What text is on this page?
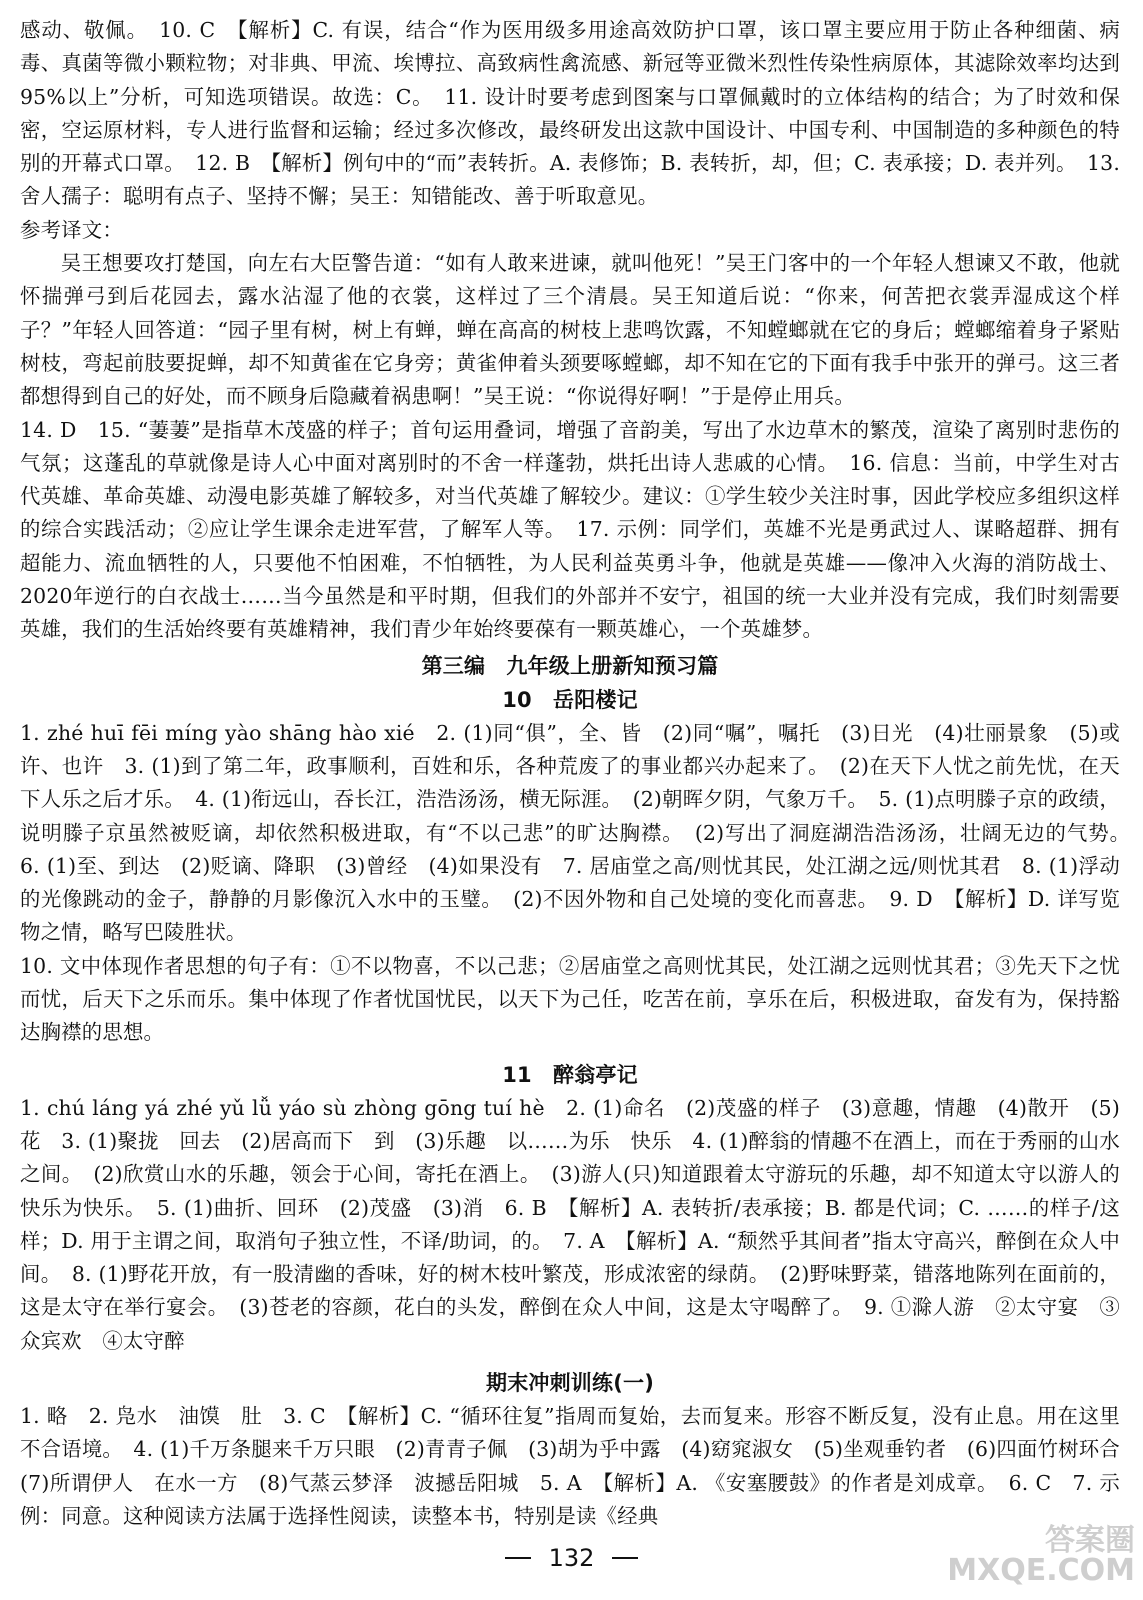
感动、敬佩。　10. C　【解析】C. 有误，结合“作为医用级多用途高效防护口罩，该口罩主要应用于防止各种细菌、病毒、真菌等微小颗粒物；对非典、甲流、埃博拉、高致病性禽流感、新冠等亚微米烈性传染性病原体，其滤除效率均达到95%以上”分析，可知选项错误。故选：C。　11. 设计时要考虑到图案与口罩佩戴时的立体结构的结合；为了时效和保密，空运原材料，专人进行监督和运输；经过多次修改，最终研发出这款中国设计、中国专利、中国制造的多种颜色的特别的开幕式口罩。　12. B　【解析】例句中的“而”表转折。A. 表修饰；B. 表转折，却，但；C. 表承接；D. 表并列。　13. 舍人孺子：聪明有点子、坚持不懈；吴王：知错能改、善于听取意见。

参考译文：

吴王想要攻打楚国，向左右大臣警告道：“如有人敢来进谏，就叫他死！”吴王门客中的一个年轻人想谏又不敢，他就怀揣弹弓到后花园去，露水沾湿了他的衣裳，这样过了三个清晨。吴王知道后说：“你来，何苦把衣裳弄湿成这个样子？”年轻人回答道：“园子里有树，树上有蝉，蝉在高高的树枝上悲鸣饮露，不知螳螂就在它的身后；螳螂缩着身子紧贴树枝，弯起前肢要捉蝉，却不知黄雀在它身旁；黄雀伸着头颈要啄螳螂，却不知在它的下面有我手中张开的弹弓。这三者都想得到自己的好处，而不顾身后隐藏着祸患啊！”吴王说：“你说得好啊！”于是停止用兵。

14. D　15. “萋萋”是指草木茂盛的样子；首句运用叠词，增强了音韵美，写出了水边草木的繁茂，渲染了离别时悲伤的气氛；这蓬乱的草就像是诗人心中面对离别时的不舍一样蓬勃，烘托出诗人悲戚的心情。　16. 信息：当前，中学生对古代英雄、革命英雄、动漫电影英雄了解较多，对当代英雄了解较少。建议：①学生较少关注时事，因此学校应多组织这样的综合实践活动；②应让学生课余走进军营，了解军人等。　17. 示例：同学们，英雄不光是勇武过人、谋略超群、拥有超能力、流血牺牲的人，只要他不怕困难，不怕牺牲，为人民利益英勇斗争，他就是英雄——像冲入火海的消防战士、2020年逆行的白衣战士……当今虽然是和平时期，但我们的外部并不安宁，祖国的统一大业并没有完成，我们时刻需要英雄，我们的生活始终要有英雄精神，我们青少年始终要葆有一颗英雄心，一个英雄梦。

第三编　九年级上册新知预习篇
10　岳阳楼记

1. zhé huī fēi míng yào shāng hào xié　2. (1)同“俱”，全、皆　(2)同“嘱”，嘱托　(3)日光　(4)壮丽景象　(5)或许、也许　3. (1)到了第二年，政事顺利，百姓和乐，各种荒废了的事业都兴办起来了。　(2)在天下人忧之前先忧，在天下人乐之后才乐。　4. (1)衔远山，吞长江，浩浩汤汤，横无际涯。　(2)朝晖夕阴，气象万千。　5. (1)点明滕子京的政绩，说明滕子京虽然被贬谪，却依然积极进取，有“不以己悲”的旷达胸襟。　(2)写出了洞庭湖浩浩汤汤，壮阔无边的气势。　6. (1)至、到达　(2)贬谪、降职　(3)曾经　(4)如果没有　7. 居庙堂之高/则忧其民，处江湖之远/则忧其君　8. (1)浮动的光像跳动的金子，静静的月影像沉入水中的玉璧。　(2)不因外物和自己处境的变化而喜悲。　9. D　【解析】D. 详写览物之情，略写巴陵胜状。

10. 文中体现作者思想的句子有：①不以物喜，不以己悲；②居庙堂之高则忧其民，处江湖之远则忧其君；③先天下之忧而忧，后天下之乐而乐。集中体现了作者忧国忧民，以天下为己任，吃苦在前，享乐在后，积极进取，奋发有为，保持豁达胸襟的思想。

11　醉翁亭记

1. chú láng yá zhé yǔ lǚ yáo sù zhòng gōng tuí hè　2. (1)命名　(2)茂盛的样子　(3)意趣，情趣　(4)散开　(5)花　3. (1)聚拢　回去　(2)居高而下　到　(3)乐趣　以……为乐　快乐　4. (1)醉翁的情趣不在酒上，而在于秀丽的山水之间。　(2)欣赏山水的乐趣，领会于心间，寄托在酒上。　(3)游人(只)知道跟着太守游玩的乐趣，却不知道太守以游人的快乐为快乐。　5. (1)曲折、回环　(2)茂盛　(3)消　6. B　【解析】A. 表转折/表承接；B. 都是代词；C. ……的样子/这样；D. 用于主谓之间，取消句子独立性，不译/助词，的。　7. A　【解析】A. “颓然乎其间者”指太守高兴，醉倒在众人中间。　8. (1)野花开放，有一股清幽的香味，好的树木枝叶繁茂，形成浓密的绿荫。　(2)野味野菜，错落地陈列在面前的，这是太守在举行宴会。　(3)苍老的容颜，花白的头发，醉倒在众人中间，这是太守喝醉了。　9. ①滁人游　②太守宴　③众宾欢　④太守醉

期末冲刺训练(一)

1. 略　2. 凫水　油馍　肚　3. C　【解析】C. “循环往复”指周而复始，去而复来。形容不断反复，没有止息。用在这里不合语境。　4. (1)千万条腿来千万只眼　(2)青青子佩　(3)胡为乎中露　(4)窈窕淑女　(5)坐观垂钓者　(6)四面竹树环合　(7)所谓伊人　在水一方　(8)气蒸云梦泽　波撼岳阳城　5. A　【解析】A. 《安塞腰鼓》的作者是刘成章。　6. C　7. 示例：同意。这种阅读方法属于选择性阅读，读整本书，特别是读《经典

132	答案圈 MXQE.COM
